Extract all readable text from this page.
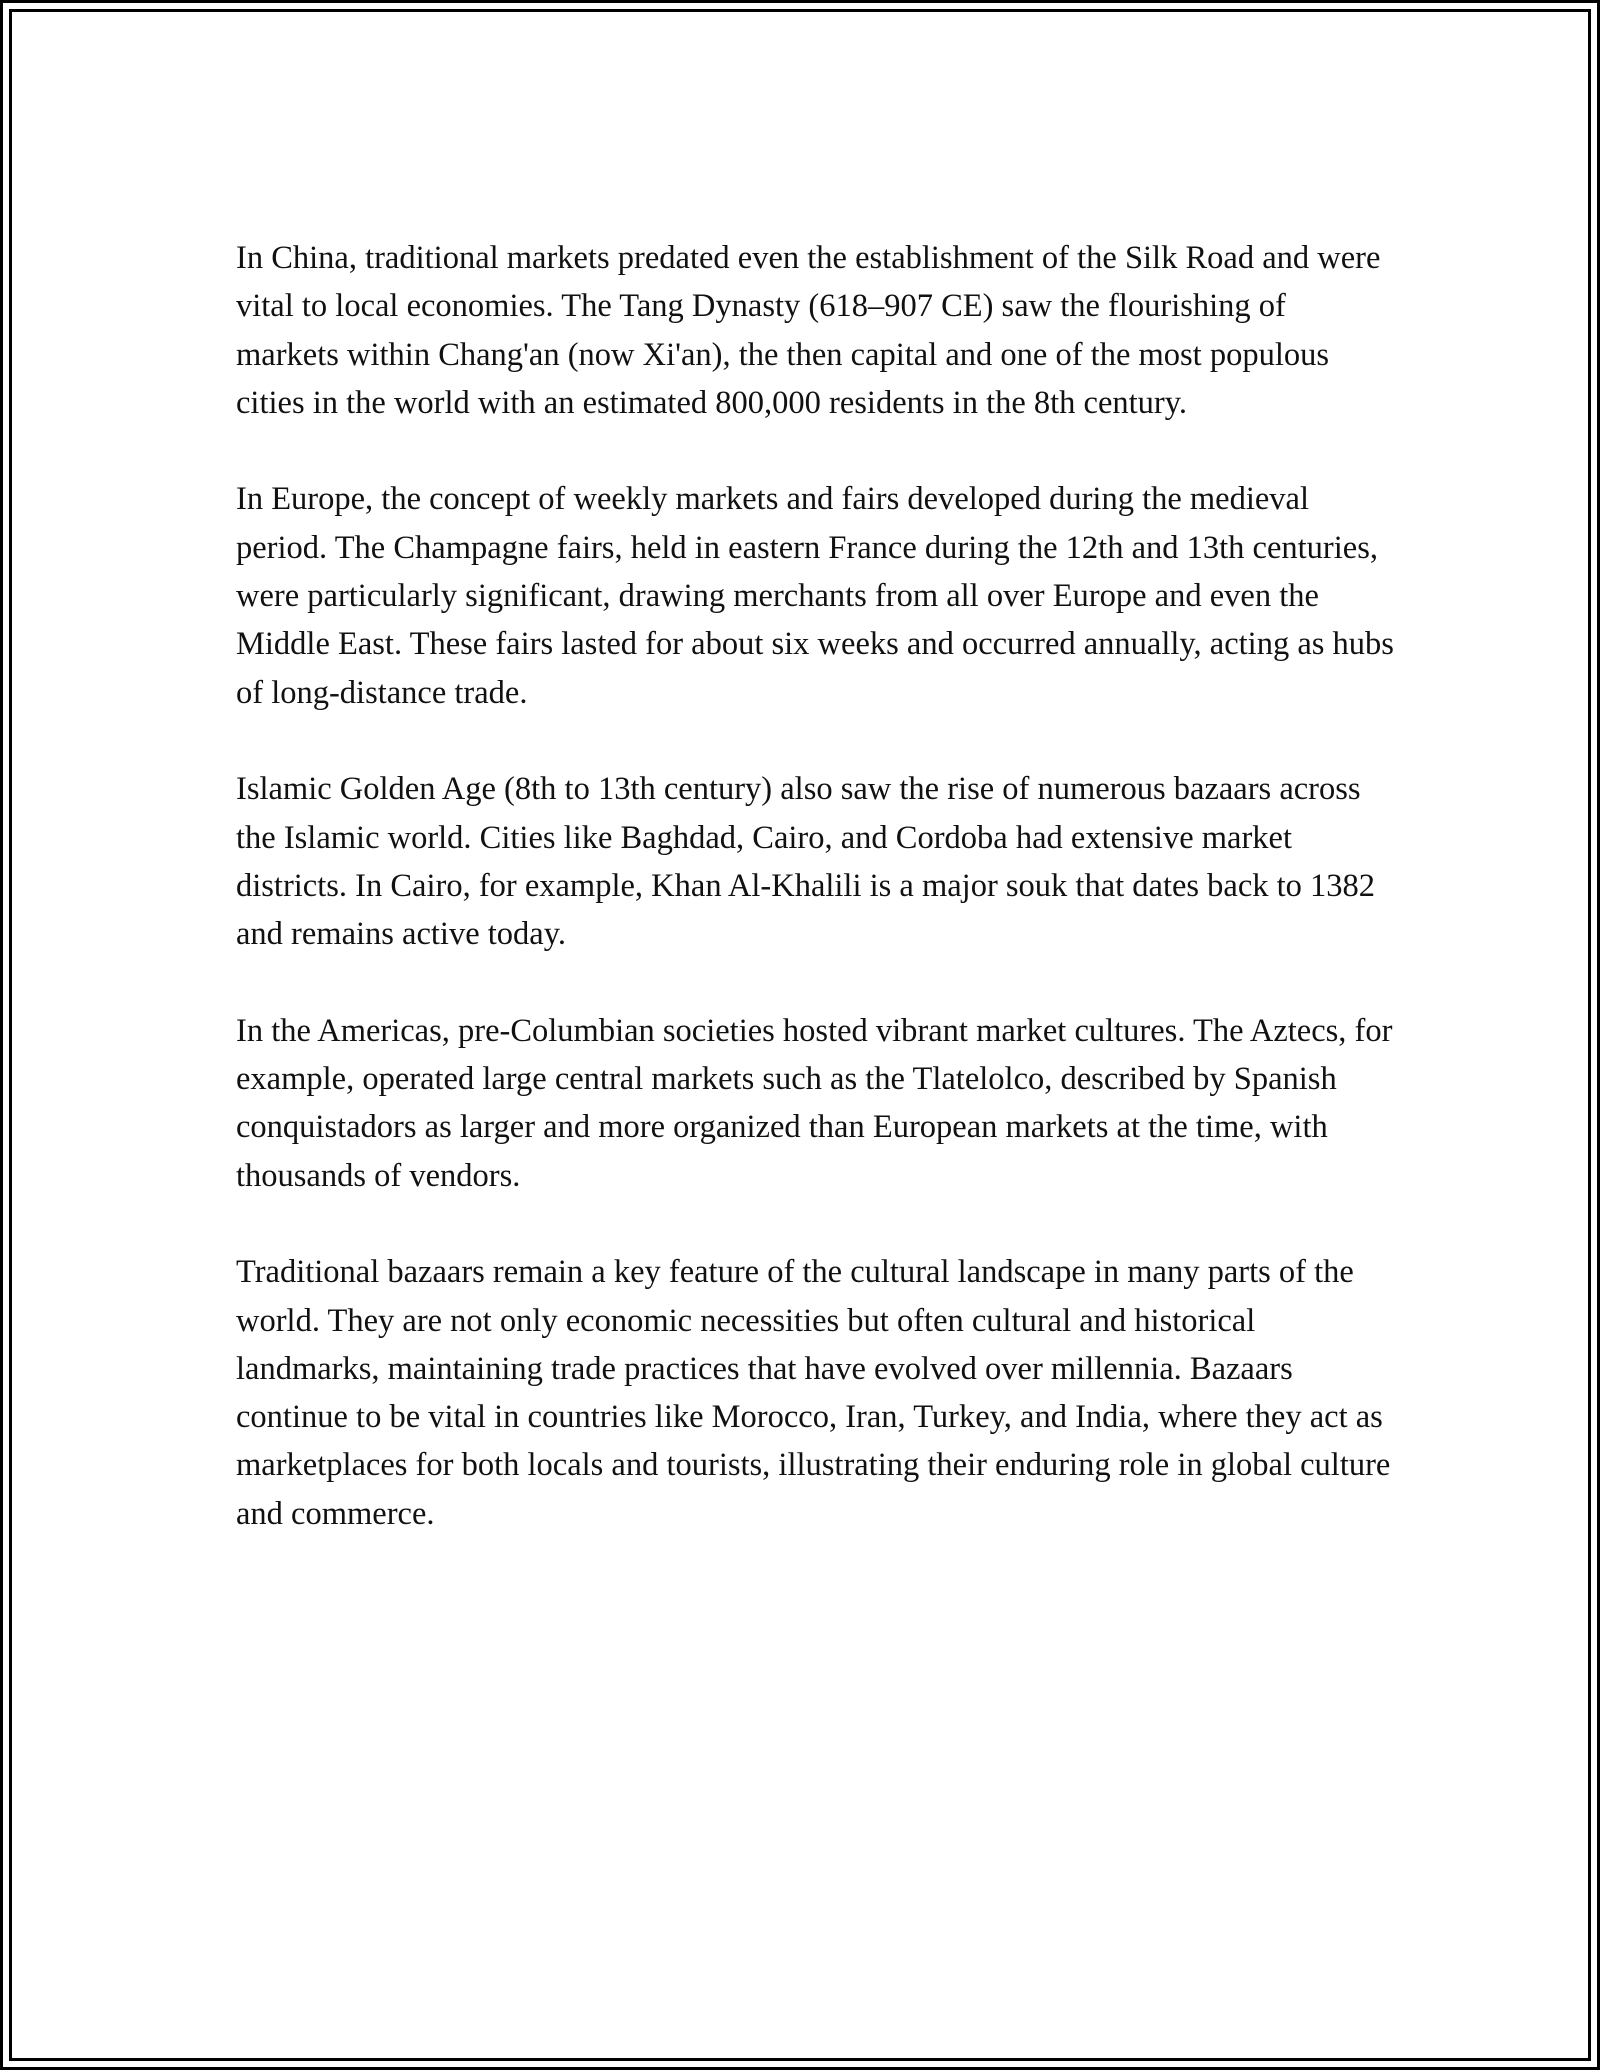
In China, traditional markets predated even the establishment of the Silk Road and were vital to local economies. The Tang Dynasty (618–907 CE) saw the flourishing of markets within Chang'an (now Xi'an), the then capital and one of the most populous cities in the world with an estimated 800,000 residents in the 8th century.

In Europe, the concept of weekly markets and fairs developed during the medieval period. The Champagne fairs, held in eastern France during the 12th and 13th centuries, were particularly significant, drawing merchants from all over Europe and even the Middle East. These fairs lasted for about six weeks and occurred annually, acting as hubs of long-distance trade.

Islamic Golden Age (8th to 13th century) also saw the rise of numerous bazaars across the Islamic world. Cities like Baghdad, Cairo, and Cordoba had extensive market districts. In Cairo, for example, Khan Al-Khalili is a major souk that dates back to 1382 and remains active today.

In the Americas, pre-Columbian societies hosted vibrant market cultures. The Aztecs, for example, operated large central markets such as the Tlatelolco, described by Spanish conquistadors as larger and more organized than European markets at the time, with thousands of vendors.

Traditional bazaars remain a key feature of the cultural landscape in many parts of the world. They are not only economic necessities but often cultural and historical landmarks, maintaining trade practices that have evolved over millennia. Bazaars continue to be vital in countries like Morocco, Iran, Turkey, and India, where they act as marketplaces for both locals and tourists, illustrating their enduring role in global culture and commerce.
